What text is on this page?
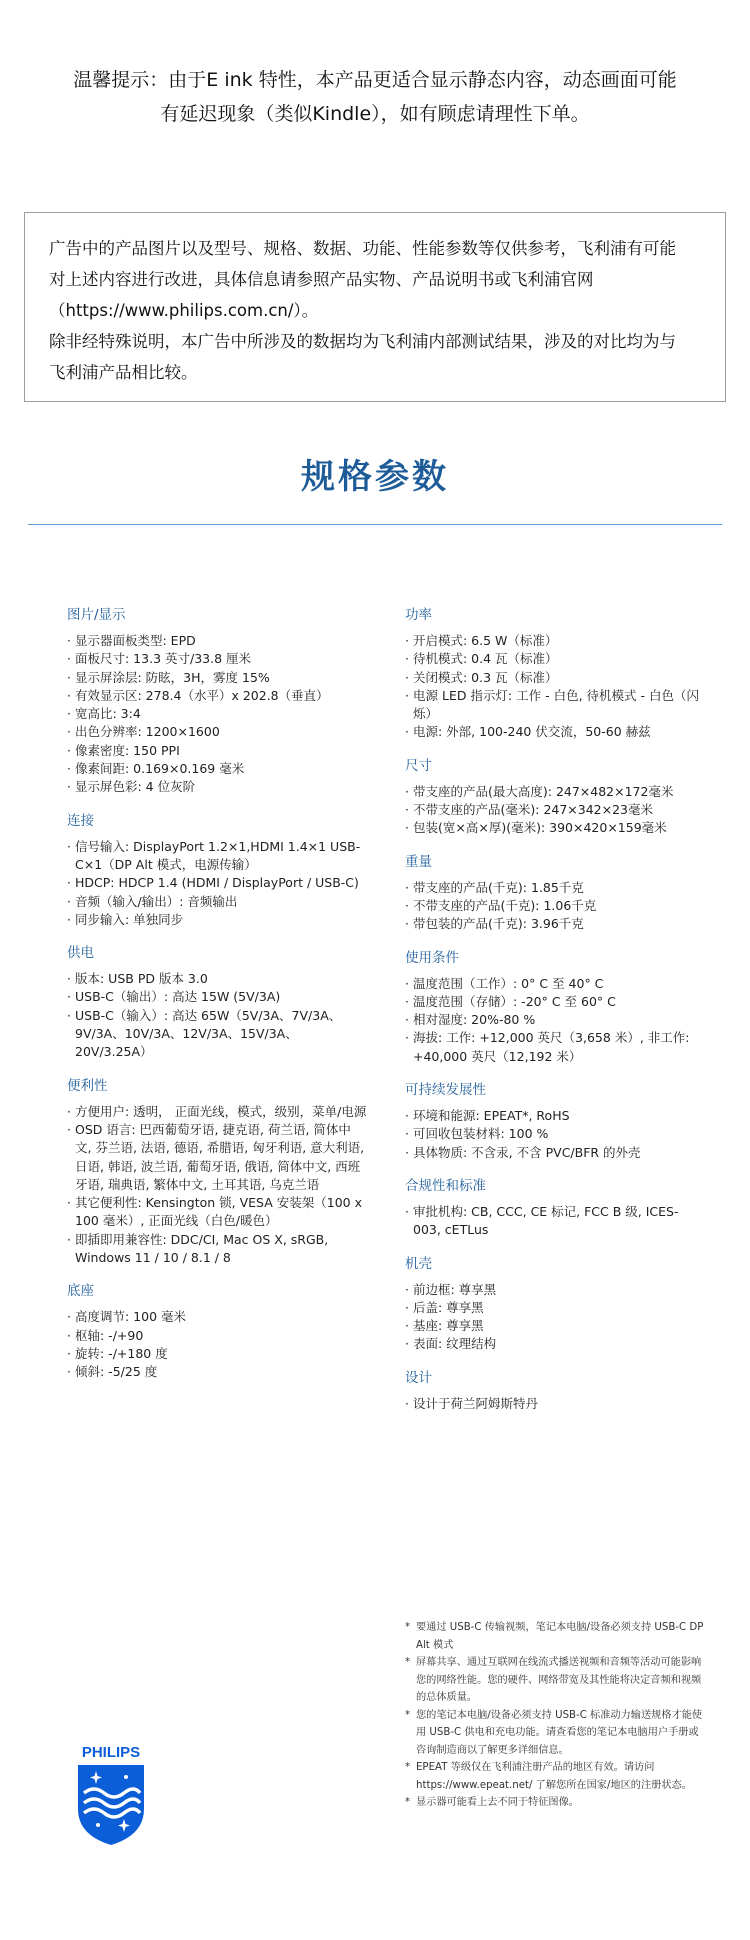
温馨提示：由于E ink 特性，本产品更适合显示静态内容，动态画面可能

有延迟现象（类似Kindle），如有顾虑请理性下单。

广告中的产品图片以及型号、规格、数据、功能、性能参数等仅供参考，飞利浦有可能

对上述内容进行改进，具体信息请参照产品实物、产品说明书或飞利浦官网

（https://www.philips.com.cn/）。

除非经特殊说明，本广告中所涉及的数据均为飞利浦内部测试结果，涉及的对比均为与

飞利浦产品相比较。

规格参数
图片/显示
· 显示器面板类型: EPD
· 面板尺寸: 13.3 英寸/33.8 厘米
· 显示屏涂层: 防眩，3H，雾度 15%
· 有效显示区: 278.4（水平）x 202.8（垂直）
· 宽高比: 3:4
· 出色分辨率: 1200×1600
· 像素密度: 150 PPI
· 像素间距: 0.169×0.169 毫米
· 显示屏色彩: 4 位灰阶
连接
· 信号输入: DisplayPort 1.2×1,HDMI 1.4×1 USB-C×1（DP Alt 模式，电源传输）
· HDCP: HDCP 1.4 (HDMI / DisplayPort / USB-C)
· 音频（输入/输出）: 音频输出
· 同步输入: 单独同步
供电
· 版本: USB PD 版本 3.0
· USB-C（输出）: 高达 15W (5V/3A)
· USB-C（输入）: 高达 65W（5V/3A、7V/3A、9V/3A、10V/3A、12V/3A、15V/3A、20V/3.25A）
便利性
· 方便用户: 透明， 正面光线，模式，级别，菜单/电源
· OSD 语言: 巴西葡萄牙语, 捷克语, 荷兰语, 简体中文, 芬兰语, 法语, 德语, 希腊语, 匈牙利语, 意大利语, 日语, 韩语, 波兰语, 葡萄牙语, 俄语, 简体中文, 西班牙语, 瑞典语, 繁体中文, 土耳其语, 乌克兰语
· 其它便利性: Kensington 锁, VESA 安装架（100 x 100 毫米）, 正面光线（白色/暖色）
· 即插即用兼容性: DDC/CI, Mac OS X, sRGB, Windows 11 / 10 / 8.1 / 8
底座
· 高度调节: 100 毫米
· 枢轴: -/+90
· 旋转: -/+180 度
· 倾斜: -5/25 度
功率
· 开启模式: 6.5 W（标准）
· 待机模式: 0.4 瓦（标准）
· 关闭模式: 0.3 瓦（标准）
· 电源 LED 指示灯: 工作 - 白色, 待机模式 - 白色（闪烁）
· 电源: 外部, 100-240 伏交流，50-60 赫兹
尺寸
· 带支座的产品(最大高度): 247×482×172毫米
· 不带支座的产品(毫米): 247×342×23毫米
· 包装(宽×高×厚)(毫米): 390×420×159毫米
重量
· 带支座的产品(千克): 1.85千克
· 不带支座的产品(千克): 1.06千克
· 带包装的产品(千克): 3.96千克
使用条件
· 温度范围（工作）: 0° C 至 40° C
· 温度范围（存储）: -20° C 至 60° C
· 相对湿度: 20%-80 %
· 海拔: 工作: +12,000 英尺（3,658 米）, 非工作: +40,000 英尺（12,192 米）
可持续发展性
· 环境和能源: EPEAT*, RoHS
· 可回收包装材料: 100 %
· 具体物质: 不含汞, 不含 PVC/BFR 的外壳
合规性和标准
· 审批机构: CB, CCC, CE 标记, FCC B 级, ICES-003, cETLus
机壳
· 前边框: 尊享黑
· 后盖: 尊享黑
· 基座: 尊享黑
· 表面: 纹理结构
设计
· 设计于荷兰阿姆斯特丹
* 要通过 USB-C 传输视频，笔记本电脑/设备必须支持 USB-C DP Alt 模式
* 屏幕共享、通过互联网在线流式播送视频和音频等活动可能影响您的网络性能。您的硬件、网络带宽及其性能将决定音频和视频的总体质量。
* 您的笔记本电脑/设备必须支持 USB-C 标准动力输送规格才能使用 USB-C 供电和充电功能。请查看您的笔记本电脑用户手册或咨询制造商以了解更多详细信息。
* EPEAT 等级仅在飞利浦注册产品的地区有效。请访问 https://www.epeat.net/ 了解您所在国家/地区的注册状态。
* 显示器可能看上去不同于特征图像。
PHILIPS
